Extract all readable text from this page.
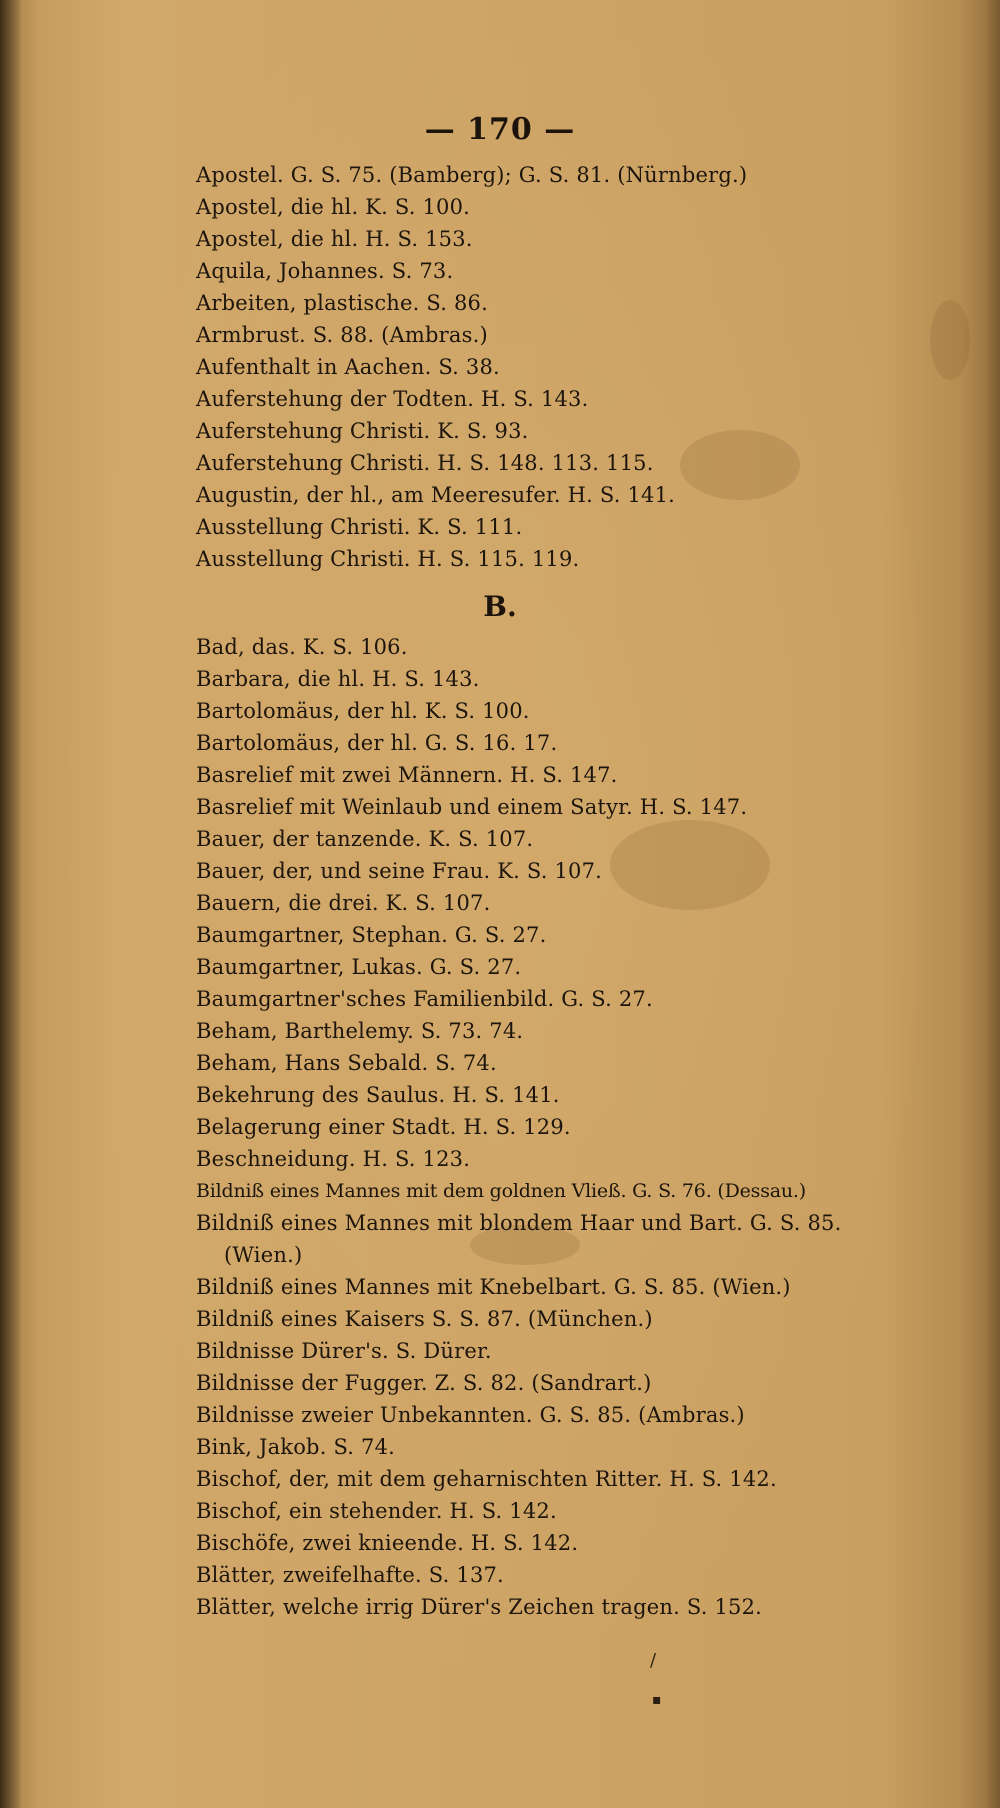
— 170 —
Apostel. G. S. 75. (Bamberg); G. S. 81. (Nürnberg.)
Apostel, die hl. K. S. 100.
Apostel, die hl. H. S. 153.
Aquila, Johannes. S. 73.
Arbeiten, plastische. S. 86.
Armbrust. S. 88. (Ambras.)
Aufenthalt in Aachen. S. 38.
Auferstehung der Todten. H. S. 143.
Auferstehung Christi. K. S. 93.
Auferstehung Christi. H. S. 148. 113. 115.
Augustin, der hl., am Meeresufer. H. S. 141.
Ausstellung Christi. K. S. 111.
Ausstellung Christi. H. S. 115. 119.
B.
Bad, das. K. S. 106.
Barbara, die hl. H. S. 143.
Bartolomäus, der hl. K. S. 100.
Bartolomäus, der hl. G. S. 16. 17.
Basrelief mit zwei Männern. H. S. 147.
Basrelief mit Weinlaub und einem Satyr. H. S. 147.
Bauer, der tanzende. K. S. 107.
Bauer, der, und seine Frau. K. S. 107.
Bauern, die drei. K. S. 107.
Baumgartner, Stephan. G. S. 27.
Baumgartner, Lukas. G. S. 27.
Baumgartner'sches Familienbild. G. S. 27.
Beham, Barthelemy. S. 73. 74.
Beham, Hans Sebald. S. 74.
Bekehrung des Saulus. H. S. 141.
Belagerung einer Stadt. H. S. 129.
Beschneidung. H. S. 123.
Bildniß eines Mannes mit dem goldnen Vließ. G. S. 76. (Dessau.)
Bildniß eines Mannes mit blondem Haar und Bart. G. S. 85.
(Wien.)
Bildniß eines Mannes mit Knebelbart. G. S. 85. (Wien.)
Bildniß eines Kaisers S. S. 87. (München.)
Bildnisse Dürer's. S. Dürer.
Bildnisse der Fugger. Z. S. 82. (Sandrart.)
Bildnisse zweier Unbekannten. G. S. 85. (Ambras.)
Bink, Jakob. S. 74.
Bischof, der, mit dem geharnischten Ritter. H. S. 142.
Bischof, ein stehender. H. S. 142.
Bischöfe, zwei knieende. H. S. 142.
Blätter, zweifelhafte. S. 137.
Blätter, welche irrig Dürer's Zeichen tragen. S. 152.
/
▪
